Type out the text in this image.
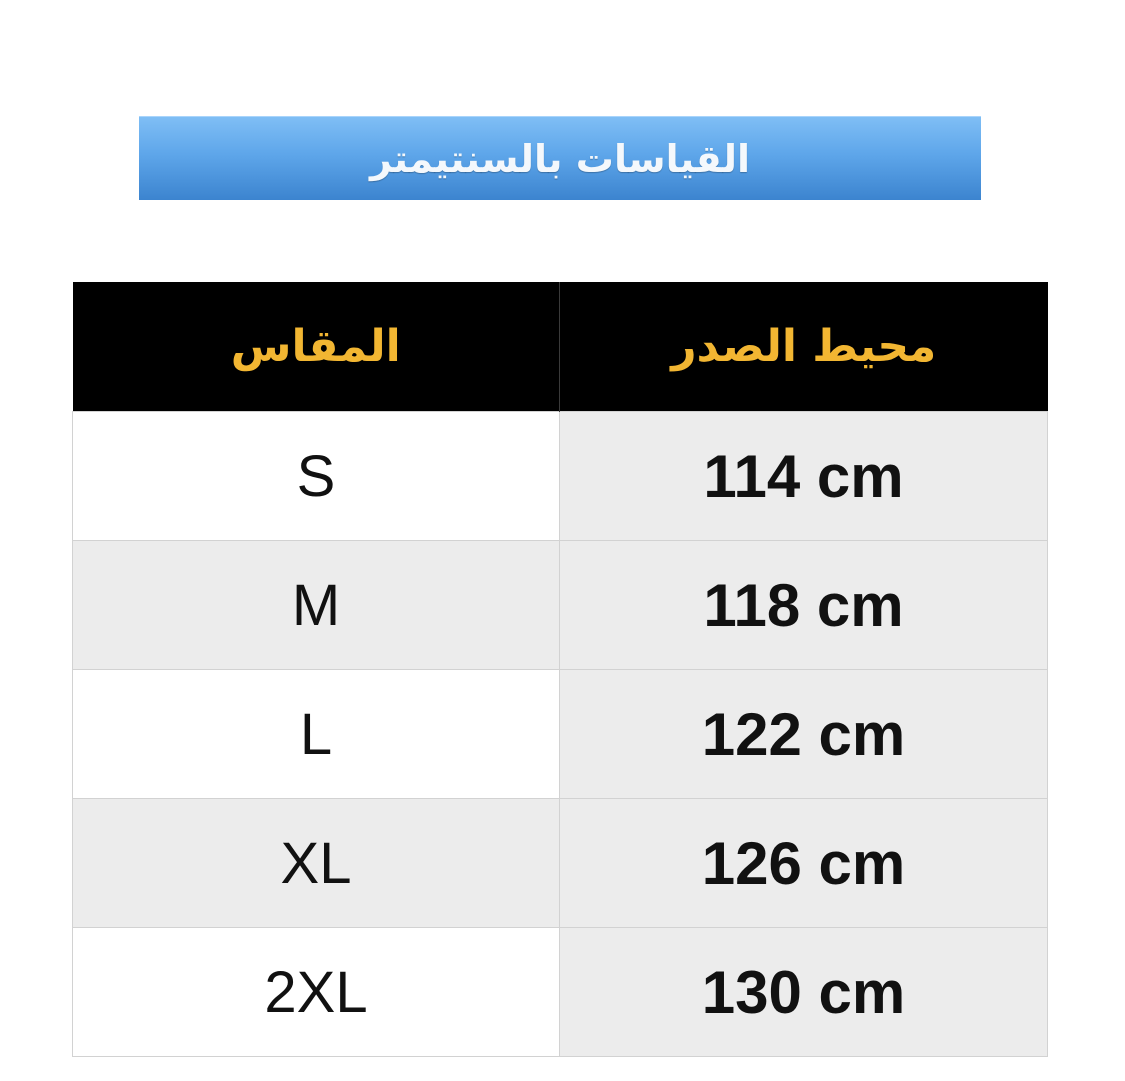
القياسات بالسنتيمتر
المقاس	محيط الصدر
S	114 cm
M	118 cm
L	122 cm
XL	126 cm
2XL	130 cm
